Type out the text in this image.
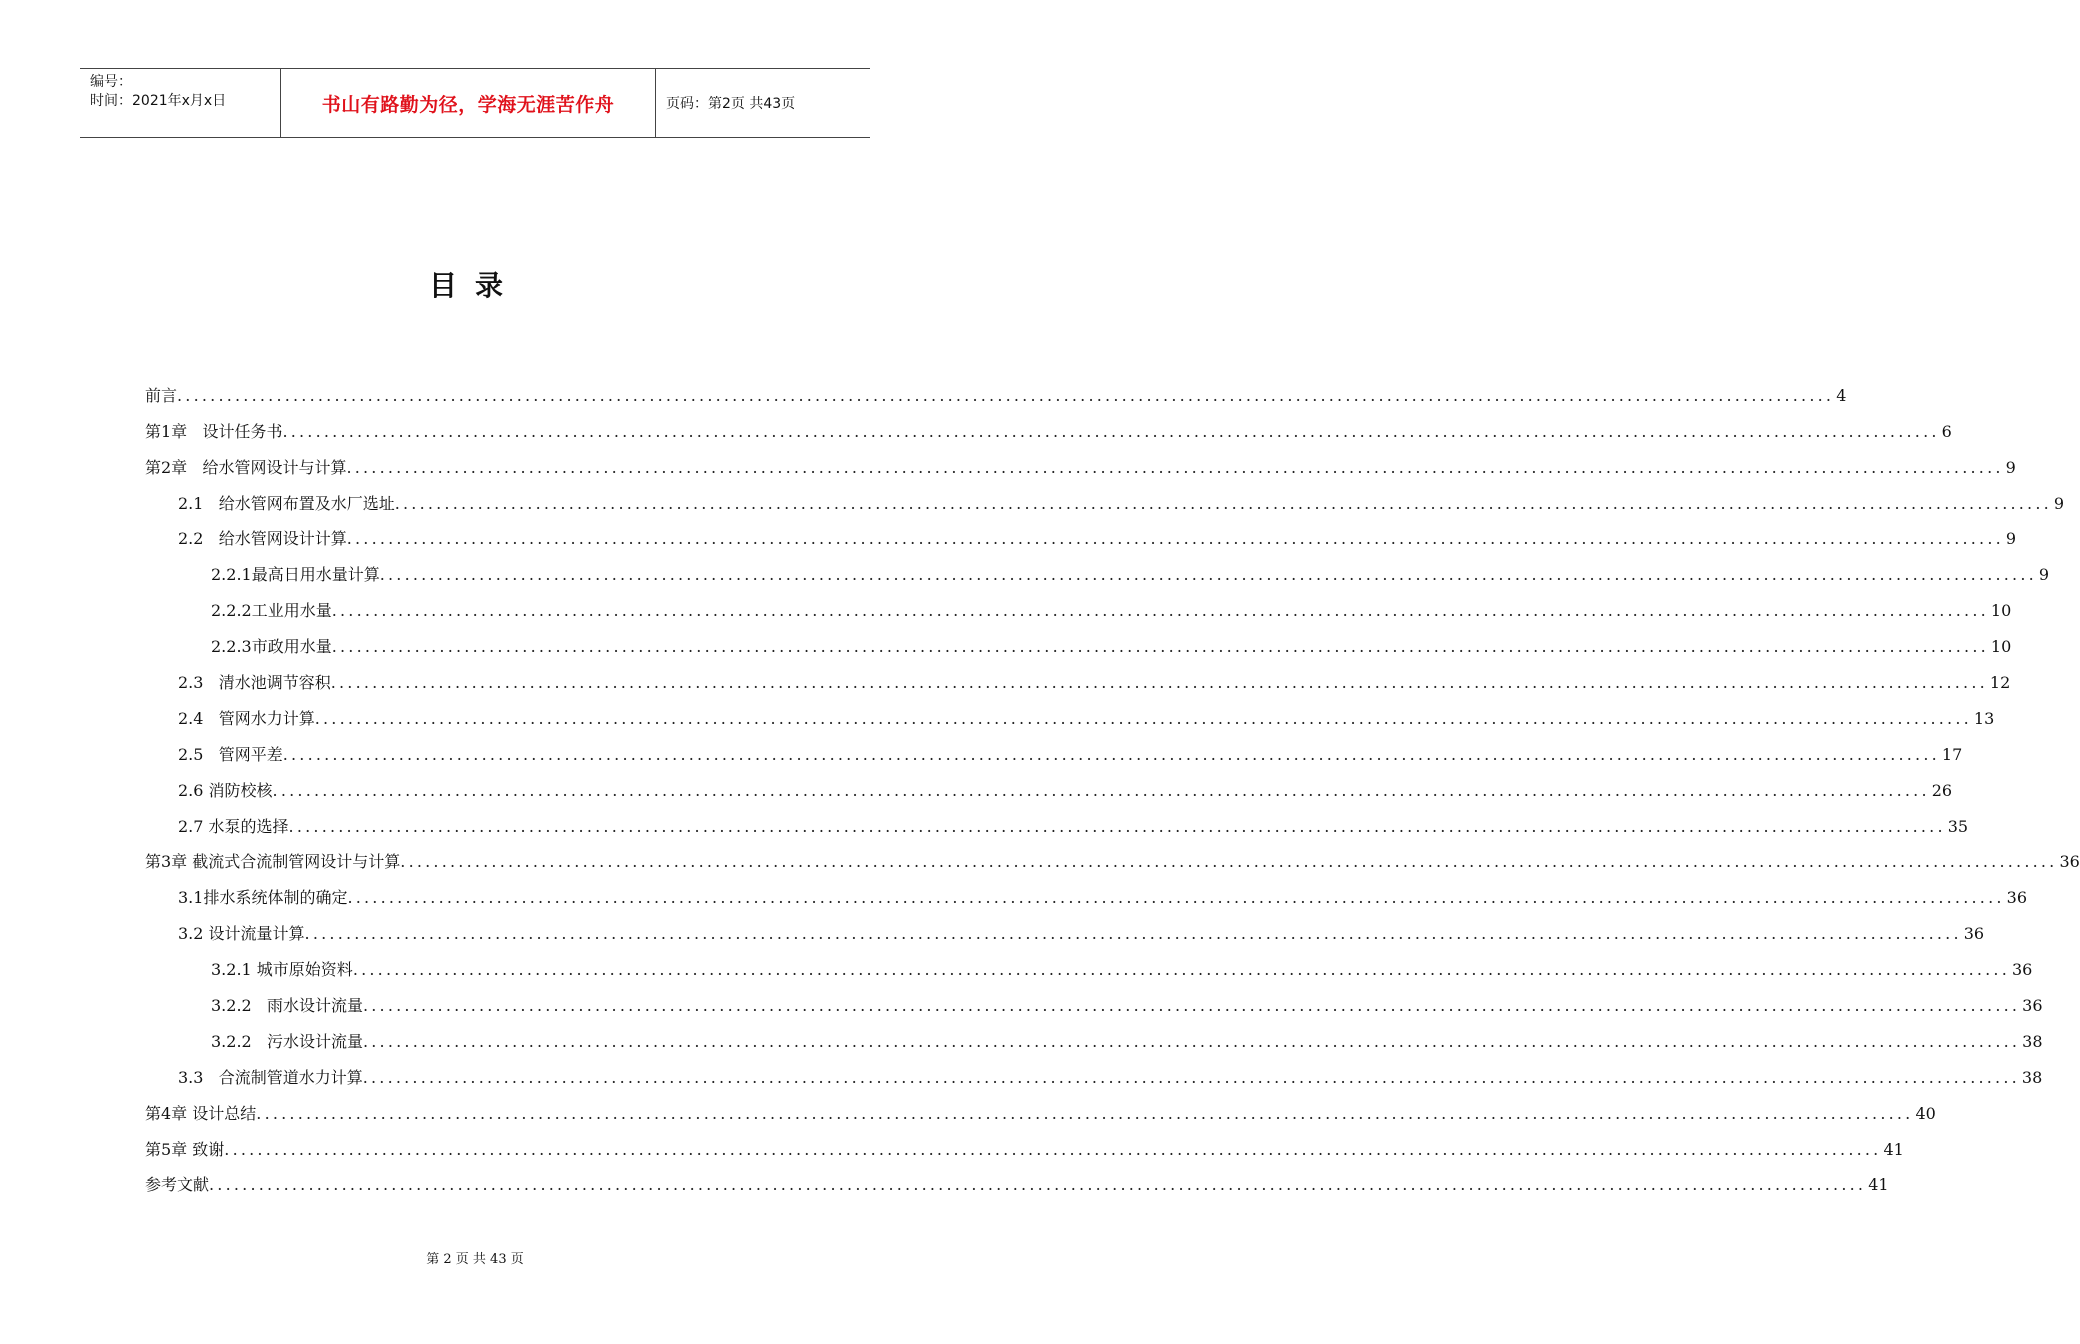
编号：
时间：2021年x月x日	书山有路勤为径，学海无涯苦作舟	页码：第2页 共43页
目录
前言 ........................................................................................................................................................................................................ 4
第1章   设计任务书 ........................................................................................................................................................................................................ 6
第2章   给水管网设计与计算 ........................................................................................................................................................................................................ 9
2.1   给水管网布置及水厂选址 ........................................................................................................................................................................................................ 9
2.2   给水管网设计计算 ........................................................................................................................................................................................................ 9
2.2.1最高日用水量计算 ........................................................................................................................................................................................................ 9
2.2.2工业用水量 ........................................................................................................................................................................................................ 10
2.2.3市政用水量 ........................................................................................................................................................................................................ 10
2.3   清水池调节容积 ........................................................................................................................................................................................................ 12
2.4   管网水力计算 ........................................................................................................................................................................................................ 13
2.5   管网平差 ........................................................................................................................................................................................................ 17
2.6 消防校核 ........................................................................................................................................................................................................ 26
2.7 水泵的选择 ........................................................................................................................................................................................................ 35
第3章 截流式合流制管网设计与计算 ........................................................................................................................................................................................................ 36
3.1排水系统体制的确定 ........................................................................................................................................................................................................ 36
3.2 设计流量计算 ........................................................................................................................................................................................................ 36
3.2.1 城市原始资料 ........................................................................................................................................................................................................ 36
3.2.2   雨水设计流量 ........................................................................................................................................................................................................ 36
3.2.2   污水设计流量 ........................................................................................................................................................................................................ 38
3.3   合流制管道水力计算 ........................................................................................................................................................................................................ 38
第4章 设计总结 ........................................................................................................................................................................................................ 40
第5章 致谢 ........................................................................................................................................................................................................ 41
参考文献 ........................................................................................................................................................................................................ 41
第 2 页 共 43 页
